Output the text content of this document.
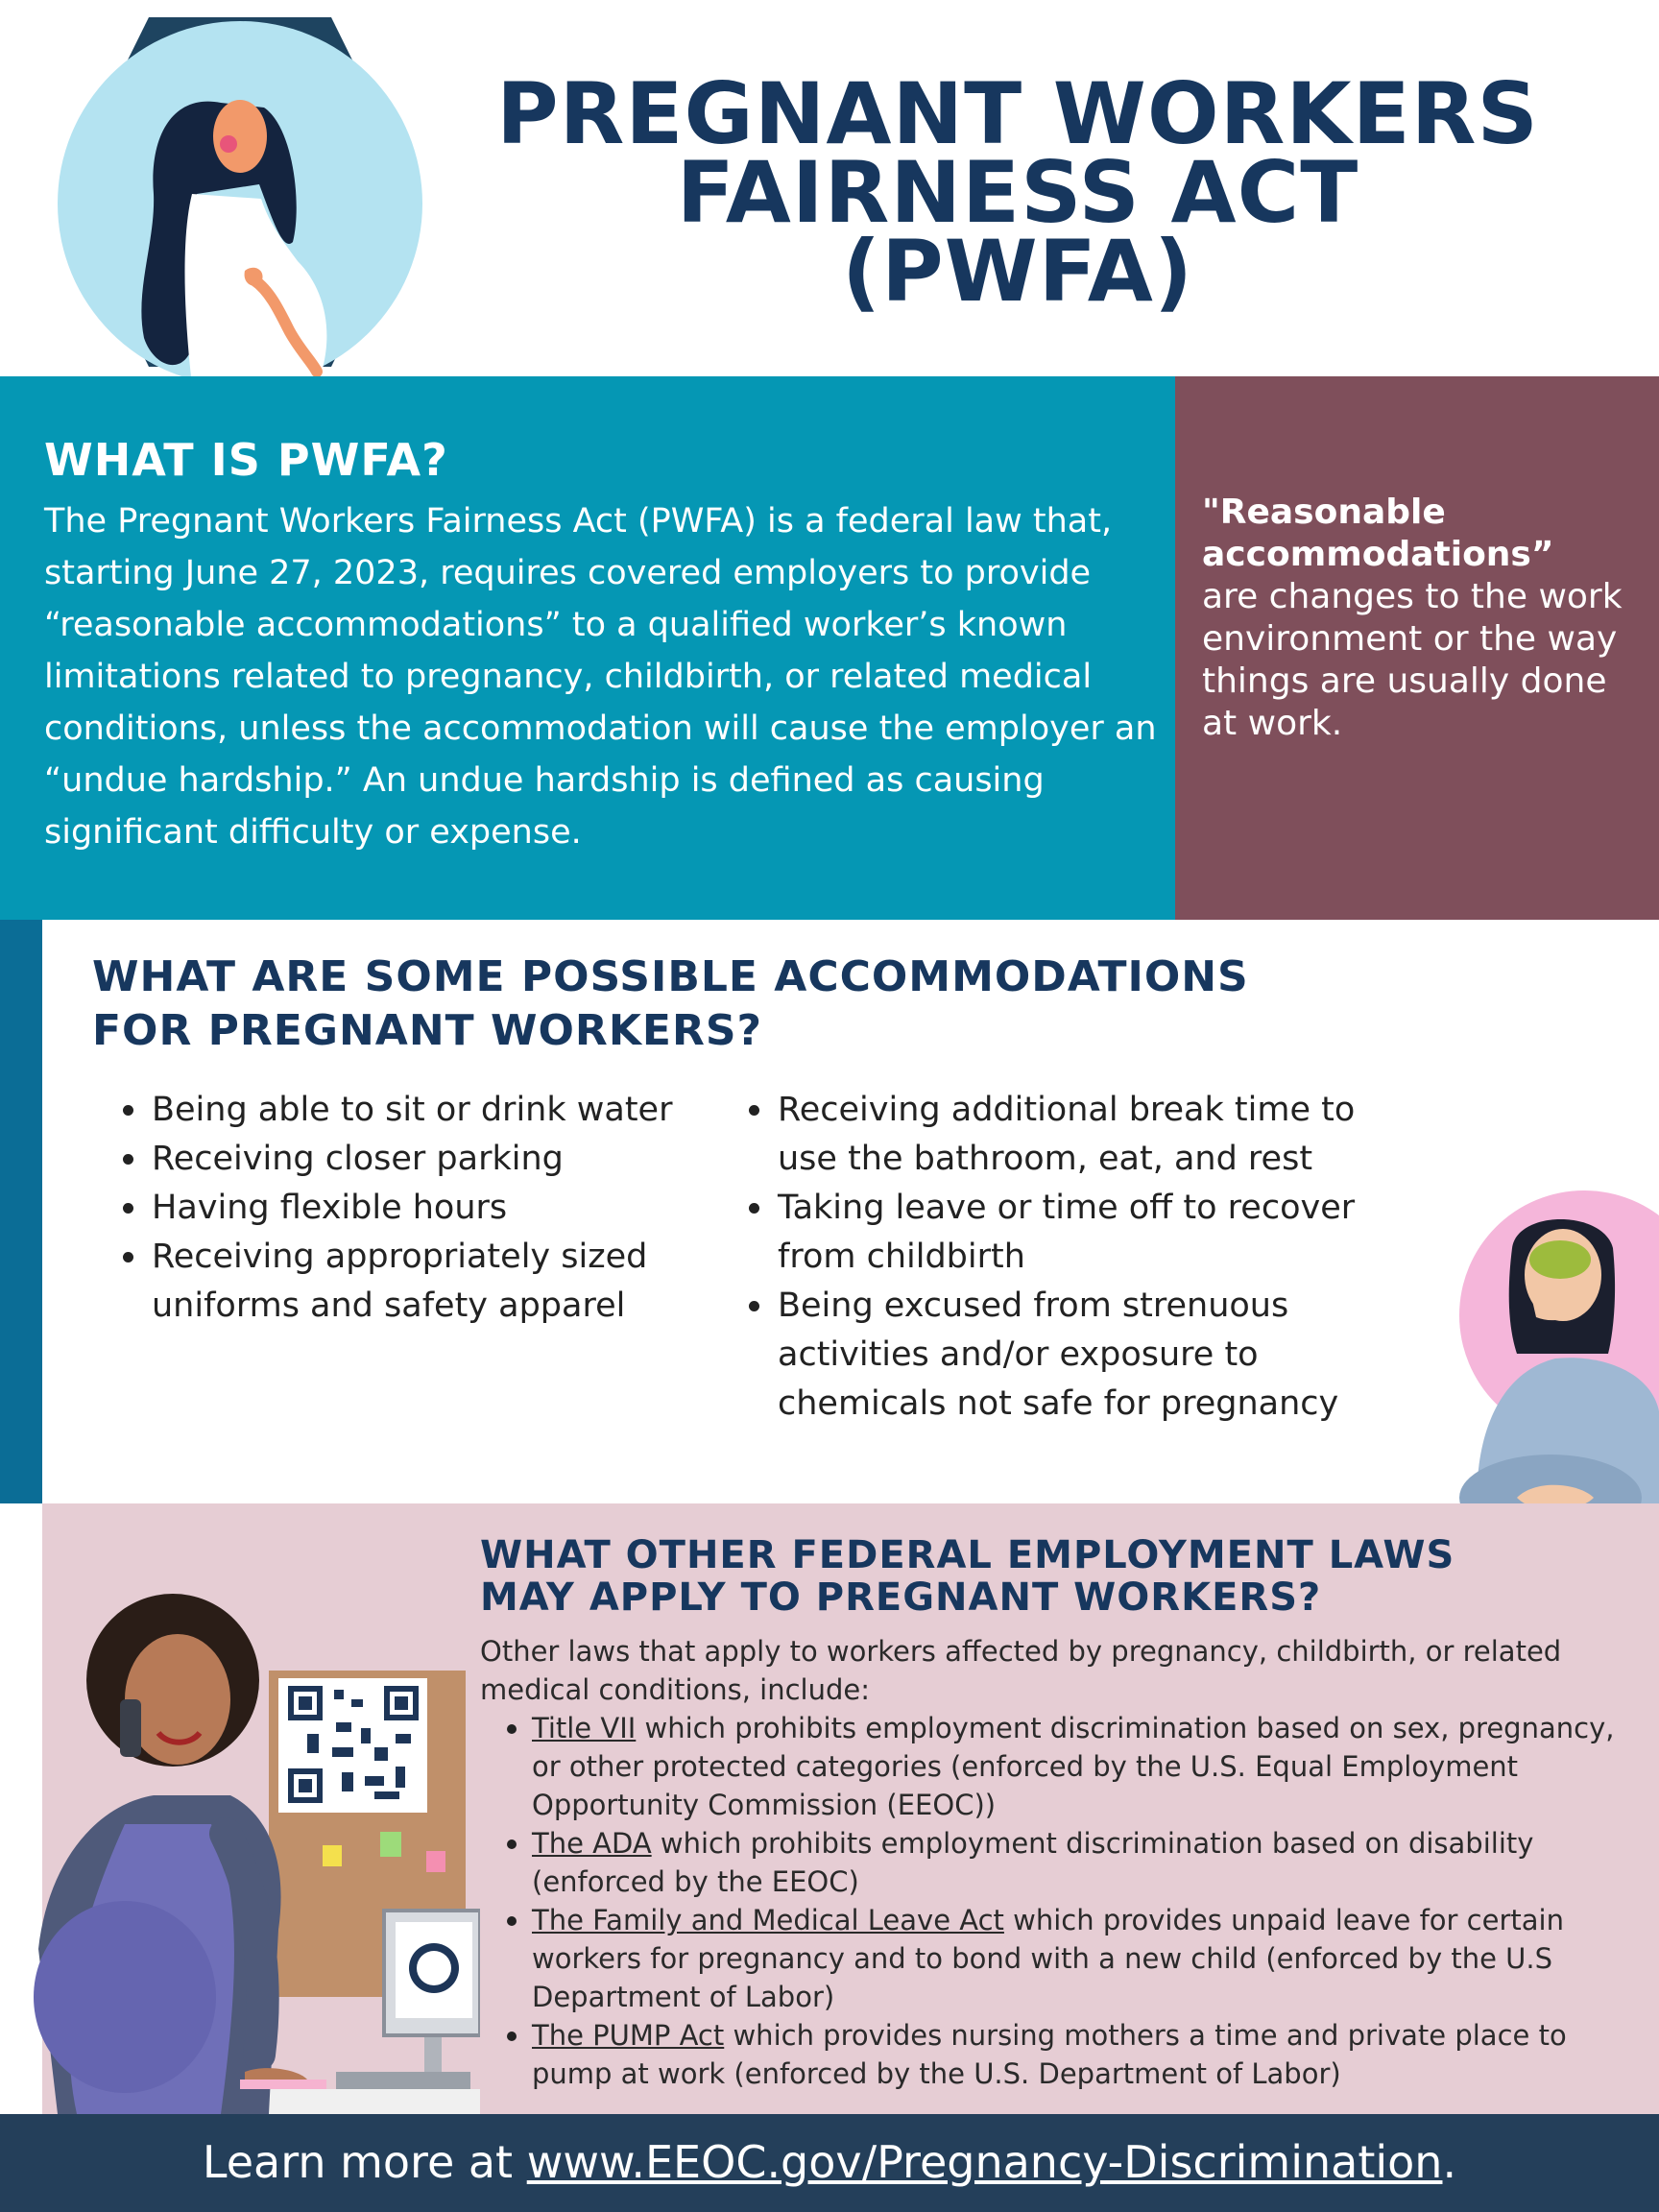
PREGNANT WORKERS
FAIRNESS ACT
(PWFA)
WHAT IS PWFA?

The Pregnant Workers Fairness Act (PWFA) is a federal law that, starting June 27, 2023, requires covered employers to provide “reasonable accommodations” to a qualified worker’s known limitations related to pregnancy, childbirth, or related medical conditions, unless the accommodation will cause the employer an “undue hardship.” An undue hardship is defined as causing significant difficulty or expense.

"Reasonable accommodations”
are changes to the work environment or the way things are usually done at work.

WHAT ARE SOME POSSIBLE ACCOMMODATIONS
FOR PREGNANT WORKERS?
Being able to sit or drink water
Receiving closer parking
Having flexible hours
Receiving appropriately sized uniforms and safety apparel
Receiving additional break time to use the bathroom, eat, and rest
Taking leave or time off to recover from childbirth
Being excused from strenuous activities and/or exposure to chemicals not safe for pregnancy
WHAT OTHER FEDERAL EMPLOYMENT LAWS
MAY APPLY TO PREGNANT WORKERS?

Other laws that apply to workers affected by pregnancy, childbirth, or related medical conditions, include:

Title VII which prohibits employment discrimination based on sex, pregnancy, or other protected categories (enforced by the U.S. Equal Employment Opportunity Commission (EEOC))
The ADA which prohibits employment discrimination based on disability (enforced by the EEOC)
The Family and Medical Leave Act which provides unpaid leave for certain workers for pregnancy and to bond with a new child (enforced by the U.S Department of Labor)
The PUMP Act which provides nursing mothers a time and private place to pump at work (enforced by the U.S. Department of Labor)

Learn more at www.EEOC.gov/Pregnancy-Discrimination.
